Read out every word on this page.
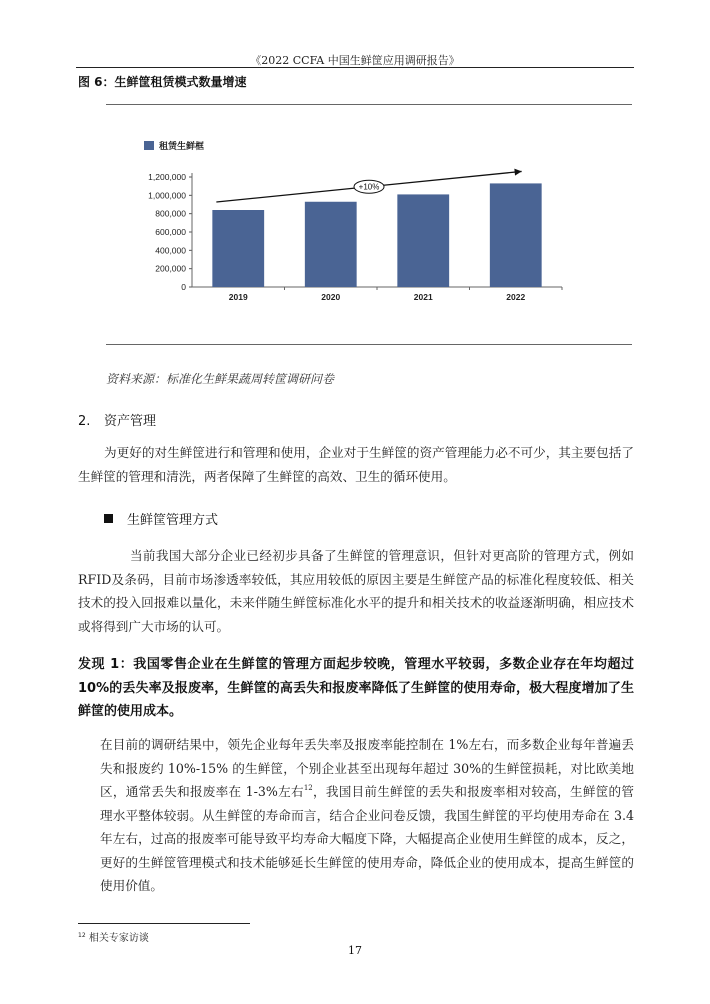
《2022 CCFA 中国生鲜筐应用调研报告》
图 6：生鲜筐租赁模式数量增速
租赁生鲜框
1,200,000
1,000,000
800,000
600,000
400,000
200,000
0
2019	2020	2021	2022
+10%
资料来源：标准化生鲜果蔬周转筐调研问卷
2. 资产管理
为更好的对生鲜筐进行和管理和使用，企业对于生鲜筐的资产管理能力必不可少，其主要包括了生鲜筐的管理和清洗，两者保障了生鲜筐的高效、卫生的循环使用。
生鲜筐管理方式
当前我国大部分企业已经初步具备了生鲜筐的管理意识，但针对更高阶的管理方式，例如RFID及条码，目前市场渗透率较低，其应用较低的原因主要是生鲜筐产品的标准化程度较低、相关技术的投入回报难以量化，未来伴随生鲜筐标准化水平的提升和相关技术的收益逐渐明确，相应技术或将得到广大市场的认可。
发现 1：我国零售企业在生鲜筐的管理方面起步较晚，管理水平较弱，多数企业存在年均超过 10%的丢失率及报废率，生鲜筐的高丢失和报废率降低了生鲜筐的使用寿命，极大程度增加了生鲜筐的使用成本。
在目前的调研结果中，领先企业每年丢失率及报废率能控制在 1%左右，而多数企业每年普遍丢失和报废约 10%-15% 的生鲜筐，个别企业甚至出现每年超过 30%的生鲜筐损耗，对比欧美地区，通常丢失和报废率在 1-3%左右$^{12}$，我国目前生鲜筐的丢失和报废率相对较高，生鲜筐的管理水平整体较弱。从生鲜筐的寿命而言，结合企业问卷反馈，我国生鲜筐的平均使用寿命在 3.4 年左右，过高的报废率可能导致平均寿命大幅度下降，大幅提高企业使用生鲜筐的成本，反之，更好的生鲜筐管理模式和技术能够延长生鲜筐的使用寿命，降低企业的使用成本，提高生鲜筐的使用价值。
$^{12}$ 相关专家访谈
17
